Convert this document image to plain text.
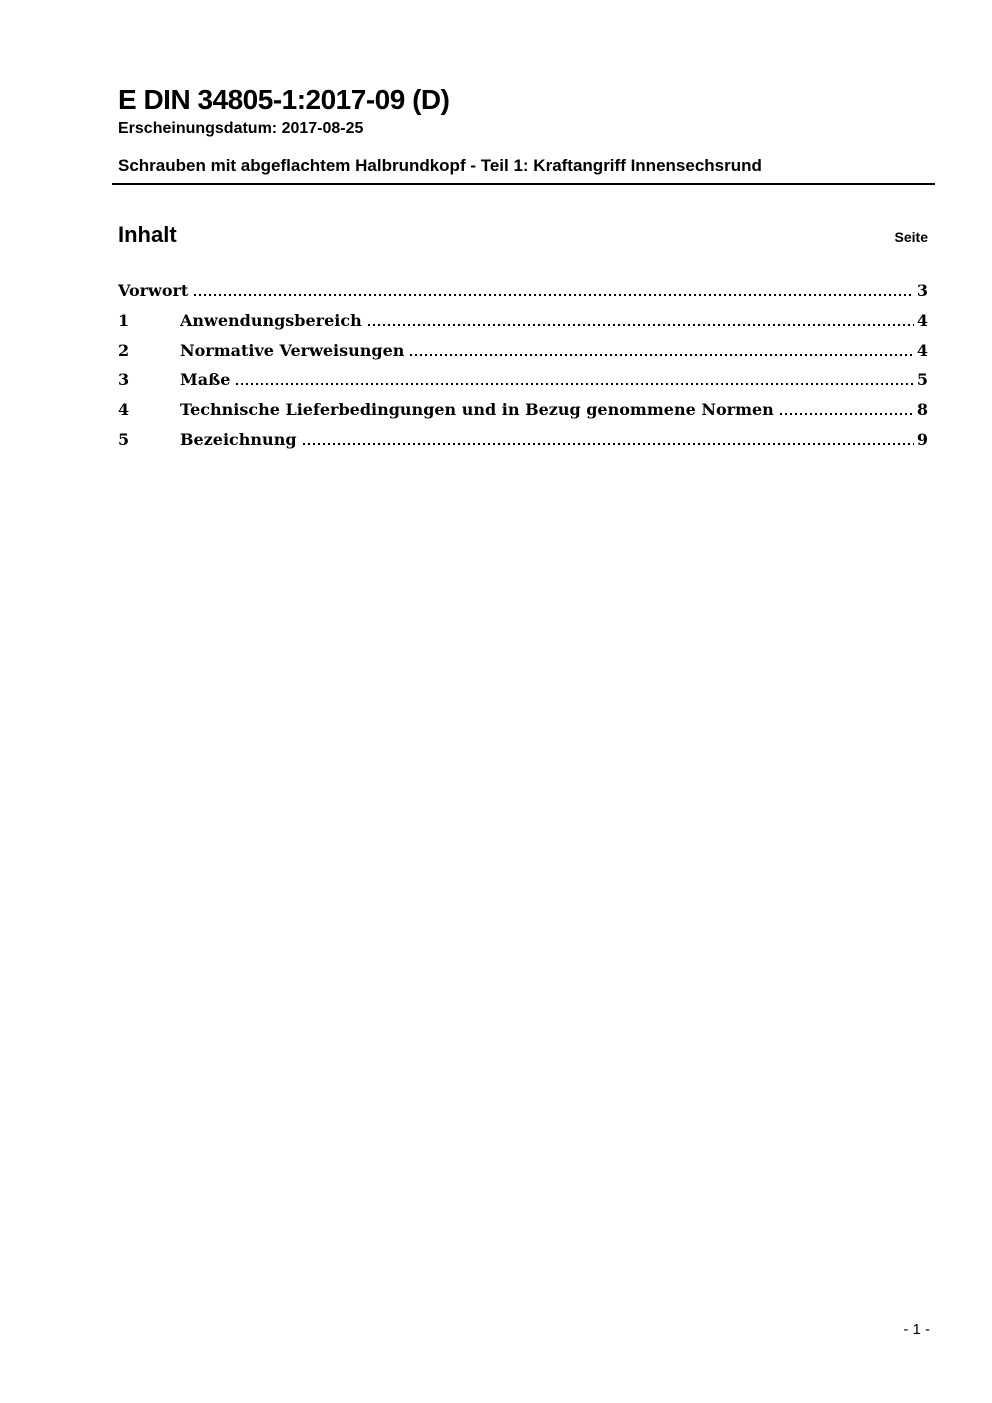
E DIN 34805-1:2017-09 (D)
Erscheinungsdatum: 2017-08-25
Schrauben mit abgeflachtem Halbrundkopf - Teil 1: Kraftangriff Innensechsrund
Inhalt	Seite
Vorwort	3
1	Anwendungsbereich	4
2	Normative Verweisungen	4
3	Maße	5
4	Technische Lieferbedingungen und in Bezug genommene Normen	8
5	Bezeichnung	9
- 1 -
